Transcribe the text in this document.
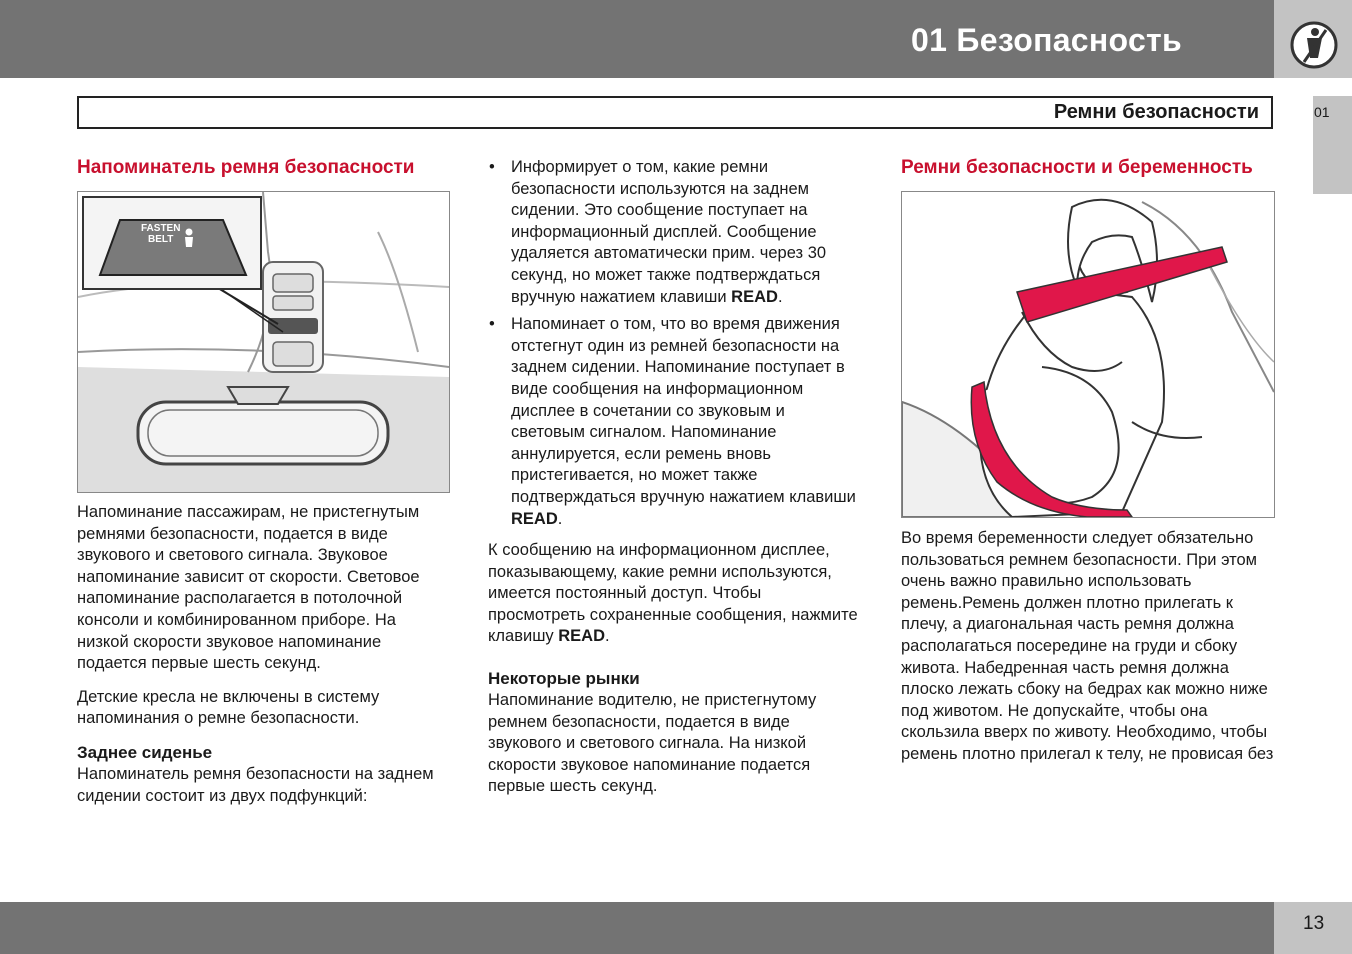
01 Безопасность
Ремни безопасности	01
Напоминатель ремня безопасности
FASTEN
BELT

Напоминание пассажирам, не пристегнутым ремнями безопасности, подается в виде звукового и светового сигнала. Звуковое напоминание зависит от скорости. Световое напоминание располагается в потолочной консоли и комбинированном приборе. На низкой скорости звуковое напоминание подается первые шесть секунд.

Детские кресла не включены в систему напоминания о ремне безопасности.

Заднее сиденье

Напоминатель ремня безопасности на заднем сидении состоит из двух подфункций:

• Информирует о том, какие ремни безопасности используются на заднем сидении. Это сообщение поступает на информационный дисплей. Сообщение удаляется автоматически прим. через 30 секунд, но может также подтверждаться вручную нажатием клавиши READ.
• Напоминает о том, что во время движения отстегнут один из ремней безопасности на заднем сидении. Напоминание поступает в виде сообщения на информационном дисплее в сочетании со звуковым и световым сигналом. Напоминание аннулируется, если ремень вновь пристегивается, но может также подтверждаться вручную нажатием клавиши READ.

К сообщению на информационном дисплее, показывающему, какие ремни используются, имеется постоянный доступ. Чтобы просмотреть сохраненные сообщения, нажмите клавишу READ.

Некоторые рынки

Напоминание водителю, не пристегнутому ремнем безопасности, подается в виде звукового и светового сигнала. На низкой скорости звуковое напоминание подается первые шесть секунд.

Ремни безопасности и беременность

Во время беременности следует обязательно пользоваться ремнем безопасности. При этом очень важно правильно использовать ремень.Ремень должен плотно прилегать к плечу, а диагональная часть ремня должна располагаться посередине на груди и сбоку живота. Набедренная часть ремня должна плоско лежать сбоку на бедрах как можно ниже под животом. Не допускайте, чтобы она скользила вверх по животу. Необходимо, чтобы ремень плотно прилегал к телу, не провисая без

13
